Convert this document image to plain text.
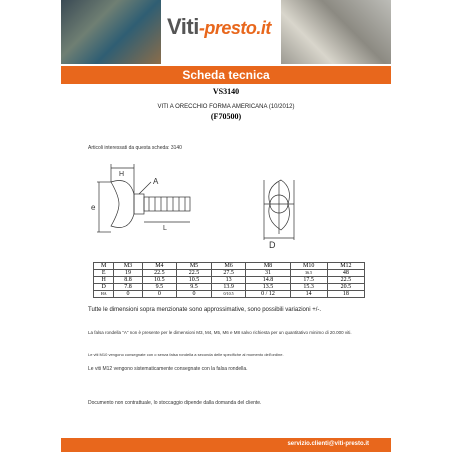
Viti-presto.it
Scheda tecnica
VS3140
VITI A ORECCHIO FORMA AMERICANA (10/2012)
(F70500)
Articoli interessati da questa scheda: 3140
H
A
e
L
D
M	M3	M4	M5	M6	M8	M10	M12
E	19	22.5	22.5	27.5	31	36.5	48
H	8.8	10.5	10.5	13	14.8	17.5	22.5
D	7.8	9.5	9.5	13.9	13.5	15.3	20.5
HA	0	0	0	0/10.5	0 / 12	14	18
Tutte le dimensioni sopra menzionate sono approssimative, sono possibili variazioni +/-.
La falsa rondella "A" non è presente per le dimensioni M3, M4, M5, M6 e M8 salvo richiesta per un quantitativo minimo di 20.000 viti.
Le viti M10 vengono consegnate con o senza falsa rondella a seconda delle specifiche al momento dell'ordine.
Le viti M12 vengono sistematicamente consegnate con la falsa rondella.
Documento non contrattuale, lo stoccaggio dipende dalla domanda del cliente.
servizio.clienti@viti-presto.it
